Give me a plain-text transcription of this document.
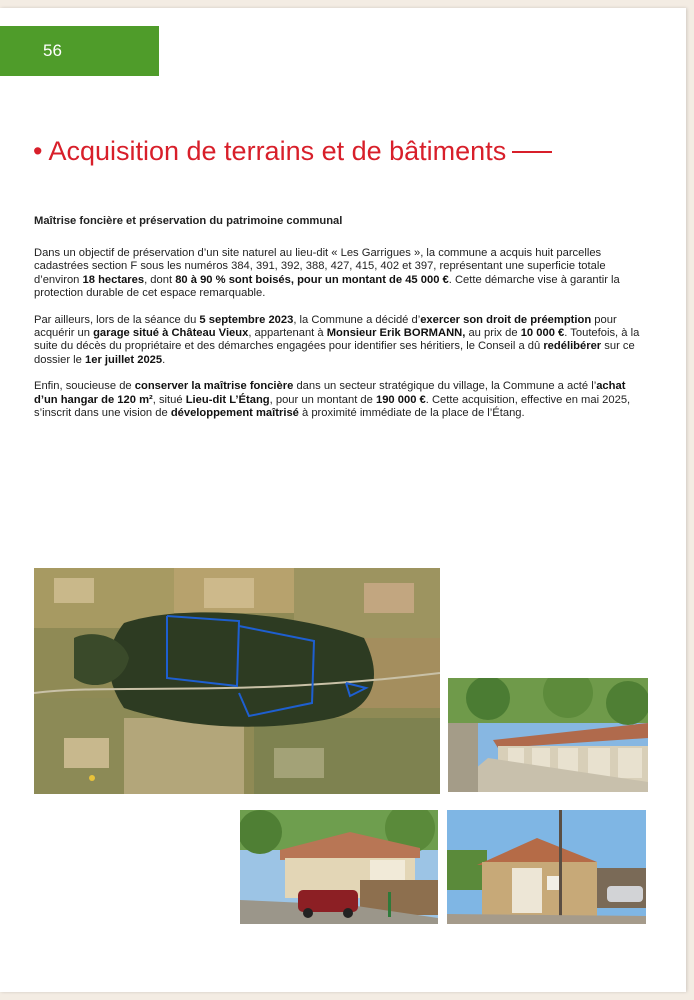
56
• Acquisition de terrains et de bâtiments
Maîtrise foncière et préservation du patrimoine communal

Dans un objectif de préservation d’un site naturel au lieu-dit « Les Garrigues », la commune a acquis huit parcelles cadastrées section F sous les numéros 384, 391, 392, 388, 427, 415, 402 et 397, représentant une superficie totale d’environ 18 hectares, dont 80 à 90 % sont boisés, pour un montant de 45 000 €. Cette démarche vise à garantir la protection durable de cet espace remarquable.

Par ailleurs, lors de la séance du 5 septembre 2023, la Commune a décidé d’exercer son droit de préemption pour acquérir un garage situé à Château Vieux, appartenant à Monsieur Erik BORMANN, au prix de 10 000 €. Toutefois, à la suite du décès du propriétaire et des démarches engagées pour identifier ses héritiers, le Conseil a dû redélibérer sur ce dossier le 1er juillet 2025.

Enfin, soucieuse de conserver la maîtrise foncière dans un secteur stratégique du village, la Commune a acté l’achat d’un hangar de 120 m², situé Lieu-dit L’Étang, pour un montant de 190 000 €. Cette acquisition, effective en mai 2025, s’inscrit dans une vision de développement maîtrisé à proximité immédiate de la place de l’Étang.
